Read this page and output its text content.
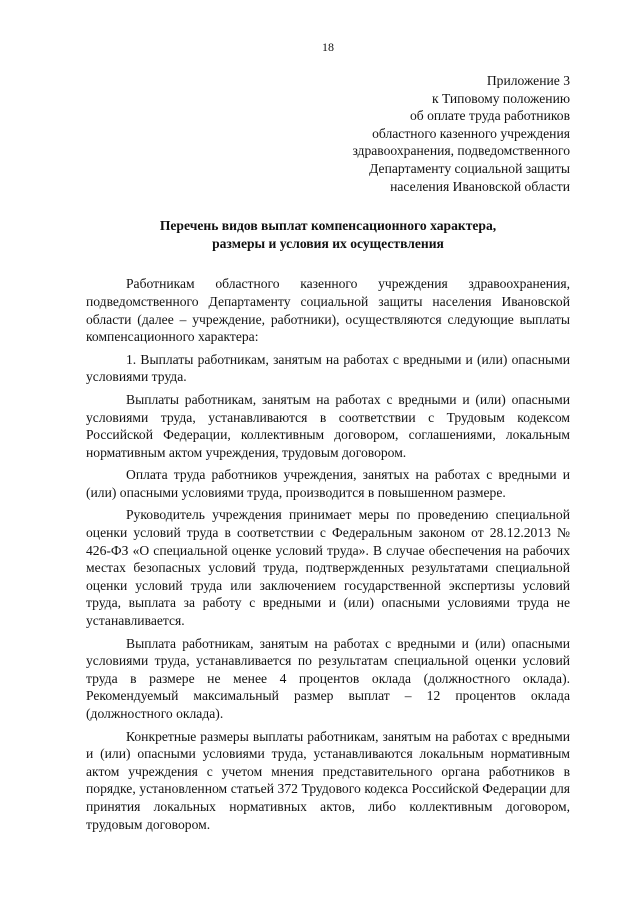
18
Приложение 3
к Типовому положению
об оплате труда работников
областного казенного учреждения
здравоохранения, подведомственного
Департаменту социальной защиты
населения Ивановской области
Перечень видов выплат компенсационного характера,
размеры и условия их осуществления

Работникам областного казенного учреждения здравоохранения, подведомственного Департаменту социальной защиты населения Ивановской области (далее – учреждение, работники), осуществляются следующие выплаты компенсационного характера:

1. Выплаты работникам, занятым на работах с вредными и (или) опасными условиями труда.

Выплаты работникам, занятым на работах с вредными и (или) опасными условиями труда, устанавливаются в соответствии с Трудовым кодексом Российской Федерации, коллективным договором, соглашениями, локальным нормативным актом учреждения, трудовым договором.

Оплата труда работников учреждения, занятых на работах с вредными и (или) опасными условиями труда, производится в повышенном размере.

Руководитель учреждения принимает меры по проведению специальной оценки условий труда в соответствии с Федеральным законом от 28.12.2013 № 426-ФЗ «О специальной оценке условий труда». В случае обеспечения на рабочих местах безопасных условий труда, подтвержденных результатами специальной оценки условий труда или заключением государственной экспертизы условий труда, выплата за работу с вредными и (или) опасными условиями труда не устанавливается.

Выплата работникам, занятым на работах с вредными и (или) опасными условиями труда, устанавливается по результатам специальной оценки условий труда в размере не менее 4 процентов оклада (должностного оклада). Рекомендуемый максимальный размер выплат – 12 процентов оклада (должностного оклада).

Конкретные размеры выплаты работникам, занятым на работах с вредными и (или) опасными условиями труда, устанавливаются локальным нормативным актом учреждения с учетом мнения представительного органа работников в порядке, установленном статьей 372 Трудового кодекса Российской Федерации для принятия локальных нормативных актов, либо коллективным договором, трудовым договором.
